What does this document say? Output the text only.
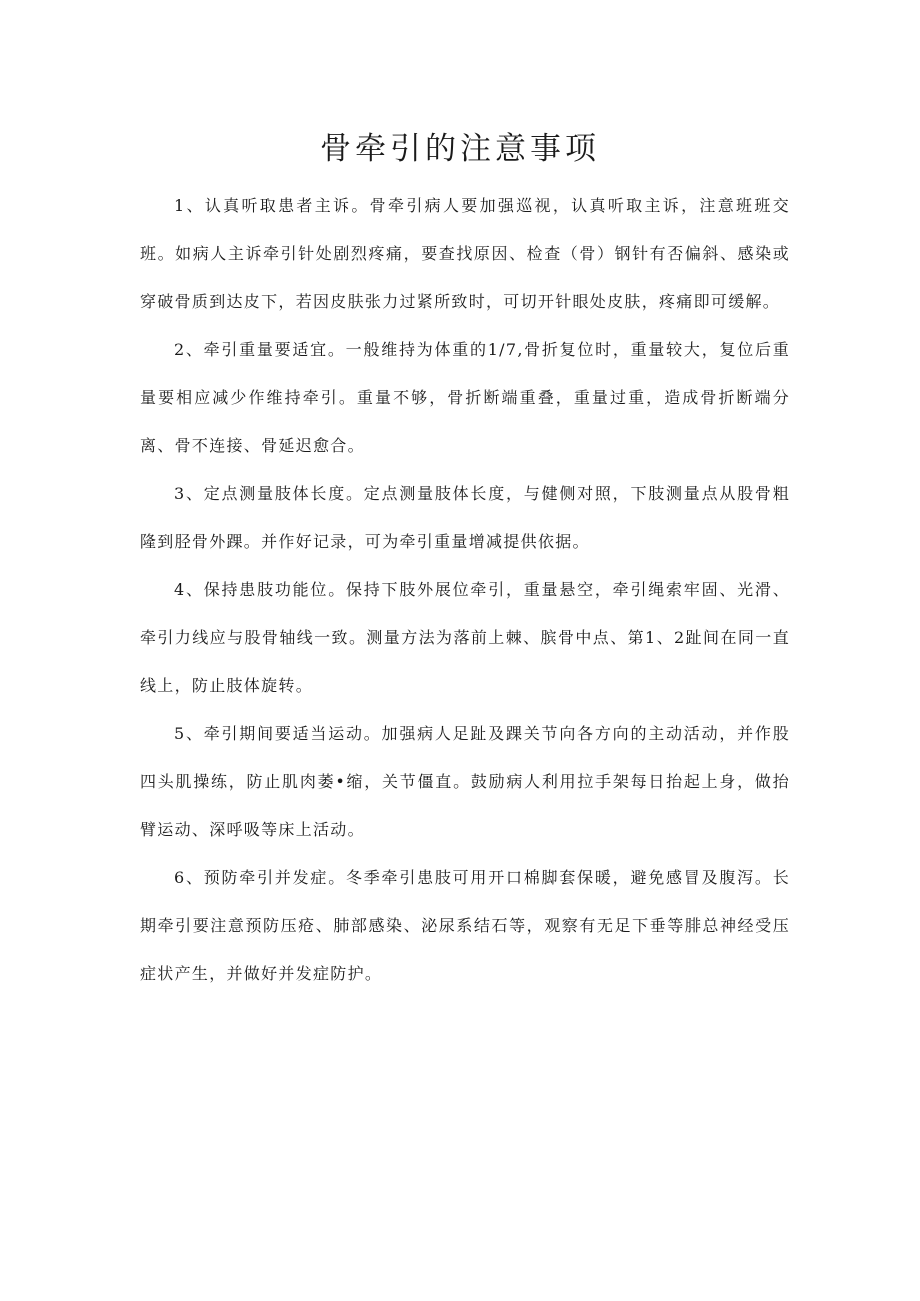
骨牵引的注意事项

1、认真听取患者主诉。骨牵引病人要加强巡视，认真听取主诉，注意班班交班。如病人主诉牵引针处剧烈疼痛，要查找原因、检查（骨）钢针有否偏斜、感染或穿破骨质到达皮下，若因皮肤张力过紧所致时，可切开针眼处皮肤，疼痛即可缓解。

2、牵引重量要适宜。一般维持为体重的1/7,骨折复位时，重量较大，复位后重量要相应减少作维持牵引。重量不够，骨折断端重叠，重量过重，造成骨折断端分离、骨不连接、骨延迟愈合。

3、定点测量肢体长度。定点测量肢体长度，与健侧对照，下肢测量点从股骨粗隆到胫骨外踝。并作好记录，可为牵引重量增减提供依据。

4、保持患肢功能位。保持下肢外展位牵引，重量悬空，牵引绳索牢固、光滑、牵引力线应与股骨轴线一致。测量方法为落前上棘、膑骨中点、第1、2趾间在同一直线上，防止肢体旋转。

5、牵引期间要适当运动。加强病人足趾及踝关节向各方向的主动活动，并作股四头肌操练，防止肌肉萎•缩，关节僵直。鼓励病人利用拉手架每日抬起上身，做抬臂运动、深呼吸等床上活动。

6、预防牵引并发症。冬季牵引患肢可用开口棉脚套保暖，避免感冒及腹泻。长期牵引要注意预防压疮、肺部感染、泌尿系结石等，观察有无足下垂等腓总神经受压症状产生，并做好并发症防护。
